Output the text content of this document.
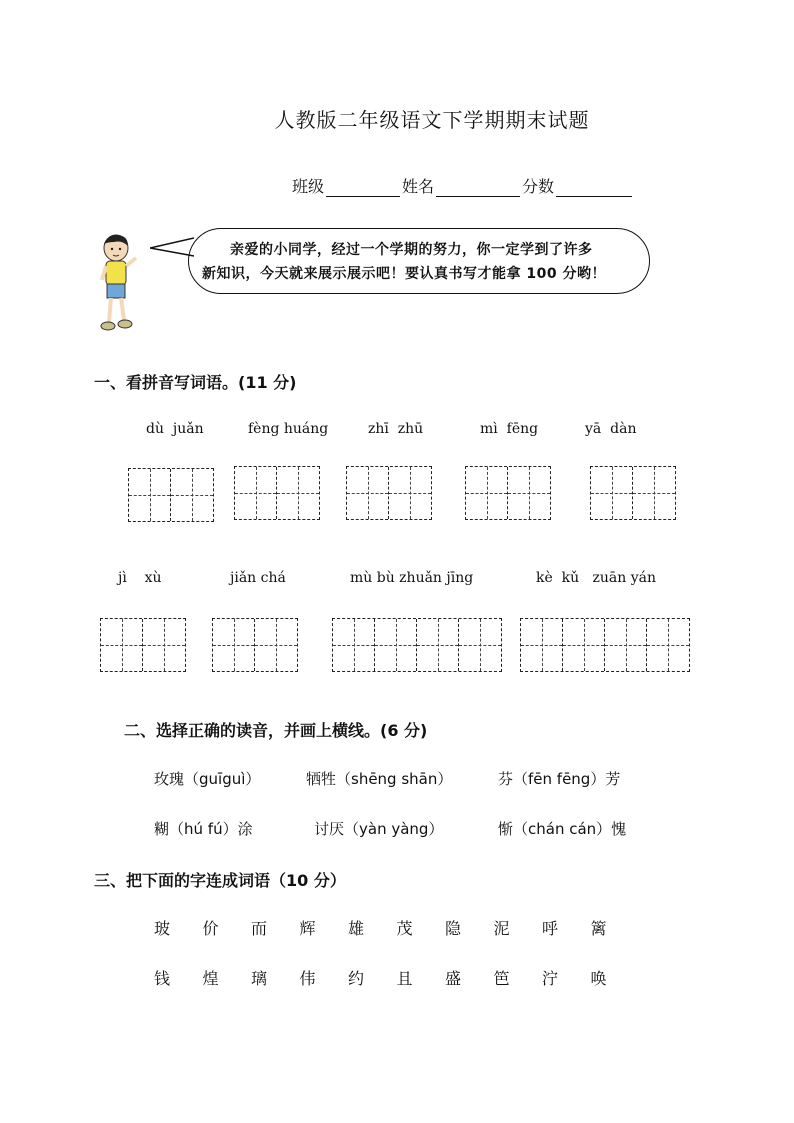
人教版二年级语文下学期期末试题
班级	姓名	分数
亲爱的小同学，经过一个学期的努力，你一定学到了许多
新知识，今天就来展示展示吧！要认真书写才能拿 100 分哟！
一、看拼音写词语。(11 分)
dù  juǎn	fèng huáng	zhī  zhū	mì  fēng	yā  dàn
jì    xù	jiǎn chá	mù bù zhuǎn jīng	kè  kǔ   zuān yán
二、选择正确的读音，并画上横线。(6 分)
玫瑰（guīguì）	牺牲（shēng shān）	芬（fēn fēng）芳
糊（hú fú）涂	讨厌（yàn yàng）	惭（chán cán）愧
三、把下面的字连成词语（10 分）
玻	价	而	辉	雄	茂	隐	泥	呼	篱
钱	煌	璃	伟	约	且	盛	笆	泞	唤
